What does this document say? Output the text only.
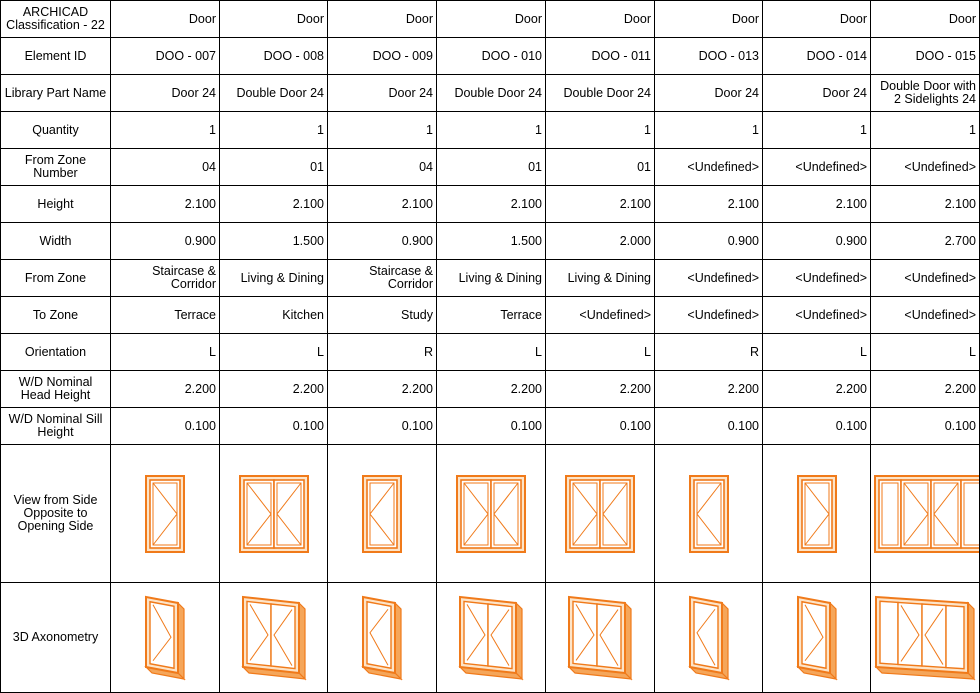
ARCHICAD Classification - 22	Door	Door	Door	Door	Door	Door	Door	Door
Element ID	DOO - 007	DOO - 008	DOO - 009	DOO - 010	DOO - 011	DOO - 013	DOO - 014	DOO - 015
Library Part Name	Door 24	Double Door 24	Door 24	Double Door 24	Double Door 24	Door 24	Door 24	Double Door with 2 Sidelights 24
Quantity	1	1	1	1	1	1	1	1
From Zone Number	04	01	04	01	01	<Undefined>	<Undefined>	<Undefined>
Height	2.100	2.100	2.100	2.100	2.100	2.100	2.100	2.100
Width	0.900	1.500	0.900	1.500	2.000	0.900	0.900	2.700
From Zone	Staircase & Corridor	Living & Dining	Staircase & Corridor	Living & Dining	Living & Dining	<Undefined>	<Undefined>	<Undefined>
To Zone	Terrace	Kitchen	Study	Terrace	<Undefined>	<Undefined>	<Undefined>	<Undefined>
Orientation	L	L	R	L	L	R	L	L
W/D Nominal Head Height	2.200	2.200	2.200	2.200	2.200	2.200	2.200	2.200
W/D Nominal Sill Height	0.100	0.100	0.100	0.100	0.100	0.100	0.100	0.100
View from Side Opposite to Opening Side	

3D Axonometry	
